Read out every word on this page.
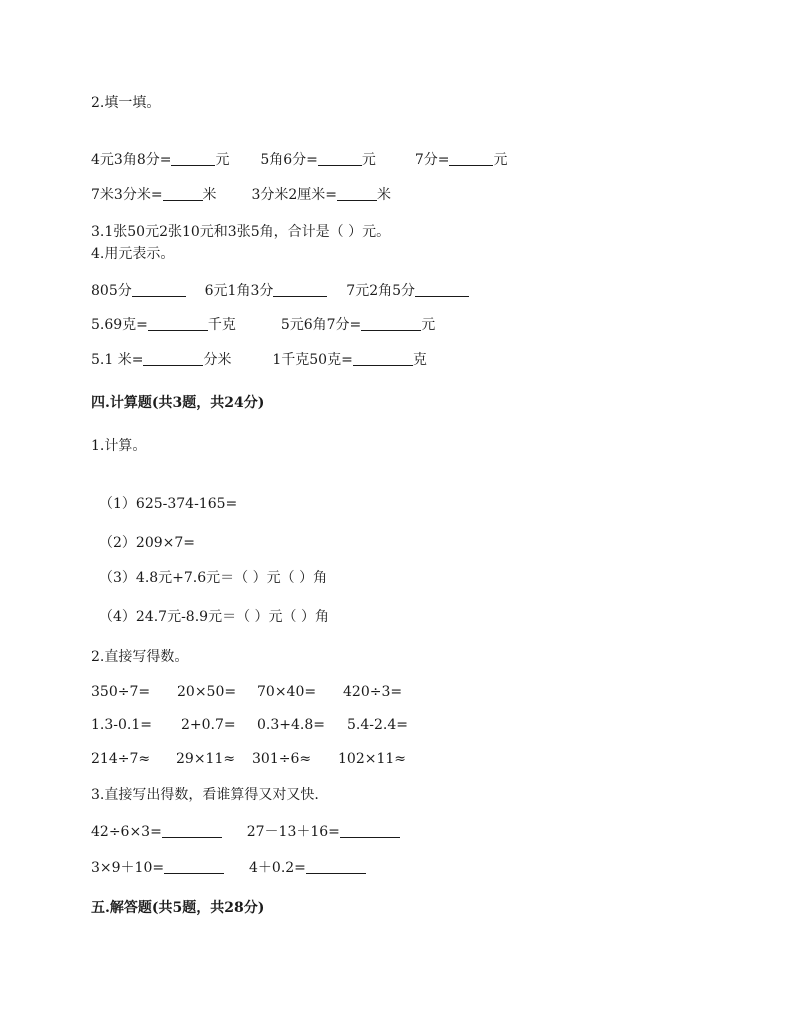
2.填一填。
4元3角8分=	元 5角6分=	元	7分=	元
7米3分米=	米 3分米2厘米=	米
3.1张50元2张10元和3张5角，合计是（ ）元。
4.用元表示。
805分	6元1角3分	7元2角5分
5.69克=	千克	5元6角7分=	元
5.1 米=	分米	1千克50克=	克
四.计算题(共3题，共24分)
1.计算。
（1）625-374-165=
（2）209×7=
（3）4.8元+7.6元＝（ ）元（ ）角
（4）24.7元-8.9元＝（ ）元（ ）角
2.直接写得数。
350÷7= 20×50= 70×40= 420÷3=
1.3-0.1= 2+0.7= 0.3+4.8= 5.4-2.4=
214÷7≈ 29×11≈ 301÷6≈ 102×11≈
3.直接写出得数，看谁算得又对又快.
42÷6×3=	27－13＋16=
3×9＋10=	4＋0.2=
五.解答题(共5题，共28分)
